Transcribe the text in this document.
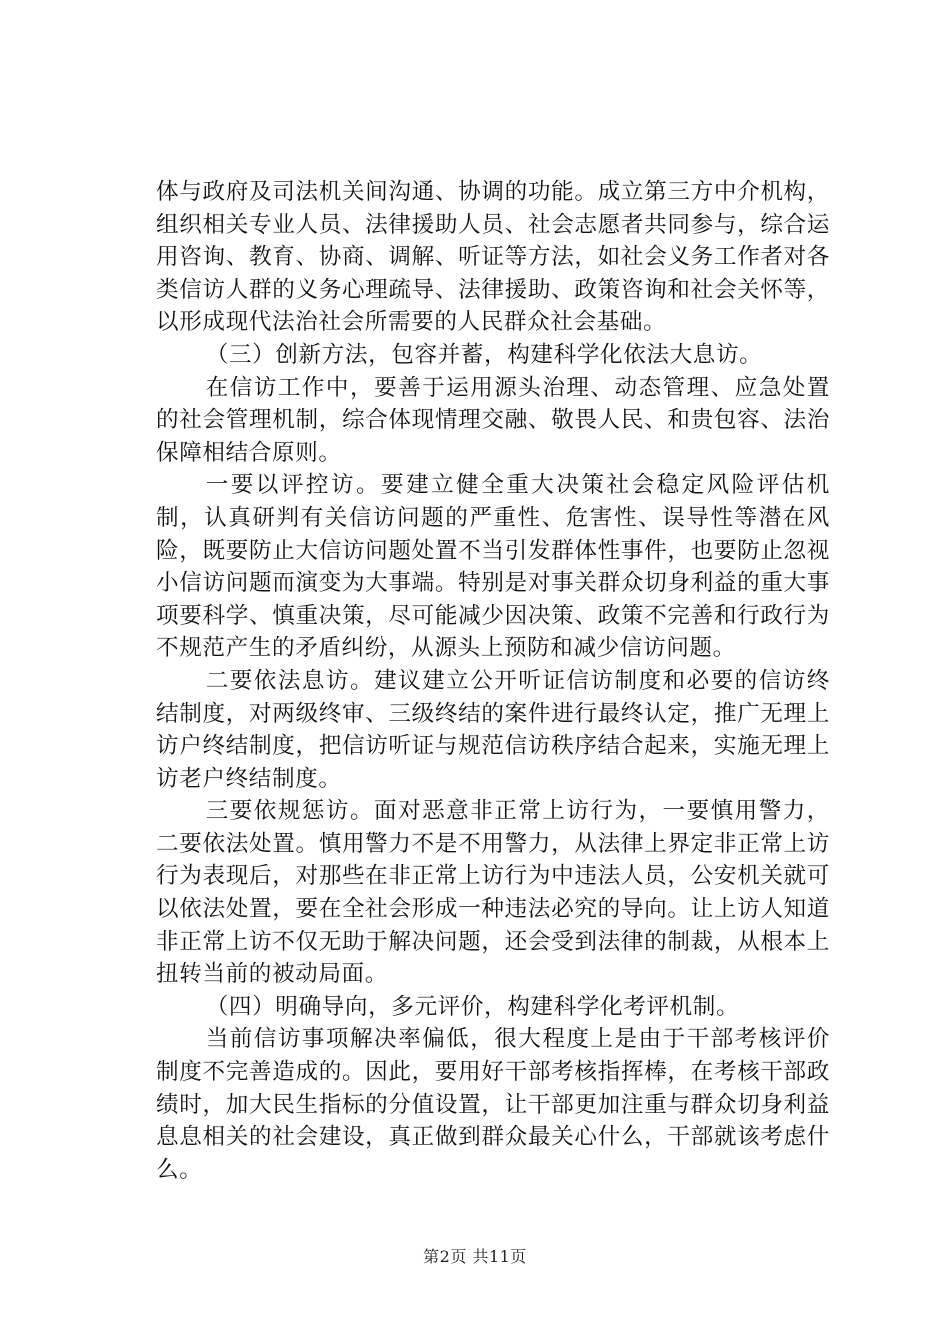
体与政府及司法机关间沟通、协调的功能。成立第三方中介机构，组织相关专业人员、法律援助人员、社会志愿者共同参与，综合运用咨询、教育、协商、调解、听证等方法，如社会义务工作者对各类信访人群的义务心理疏导、法律援助、政策咨询和社会关怀等，以形成现代法治社会所需要的人民群众社会基础。

（三）创新方法，包容并蓄，构建科学化依法大息访。

在信访工作中，要善于运用源头治理、动态管理、应急处置的社会管理机制，综合体现情理交融、敬畏人民、和贵包容、法治保障相结合原则。

一要以评控访。要建立健全重大决策社会稳定风险评估机制，认真研判有关信访问题的严重性、危害性、误导性等潜在风险，既要防止大信访问题处置不当引发群体性事件，也要防止忽视小信访问题而演变为大事端。特别是对事关群众切身利益的重大事项要科学、慎重决策，尽可能减少因决策、政策不完善和行政行为不规范产生的矛盾纠纷，从源头上预防和减少信访问题。

二要依法息访。建议建立公开听证信访制度和必要的信访终结制度，对两级终审、三级终结的案件进行最终认定，推广无理上访户终结制度，把信访听证与规范信访秩序结合起来，实施无理上访老户终结制度。

三要依规惩访。面对恶意非正常上访行为，一要慎用警力，二要依法处置。慎用警力不是不用警力，从法律上界定非正常上访行为表现后，对那些在非正常上访行为中违法人员，公安机关就可以依法处置，要在全社会形成一种违法必究的导向。让上访人知道非正常上访不仅无助于解决问题，还会受到法律的制裁，从根本上扭转当前的被动局面。

（四）明确导向，多元评价，构建科学化考评机制。

当前信访事项解决率偏低，很大程度上是由于干部考核评价制度不完善造成的。因此，要用好干部考核指挥棒，在考核干部政绩时，加大民生指标的分值设置，让干部更加注重与群众切身利益息息相关的社会建设，真正做到群众最关心什么，干部就该考虑什么。

第2页 共11页
